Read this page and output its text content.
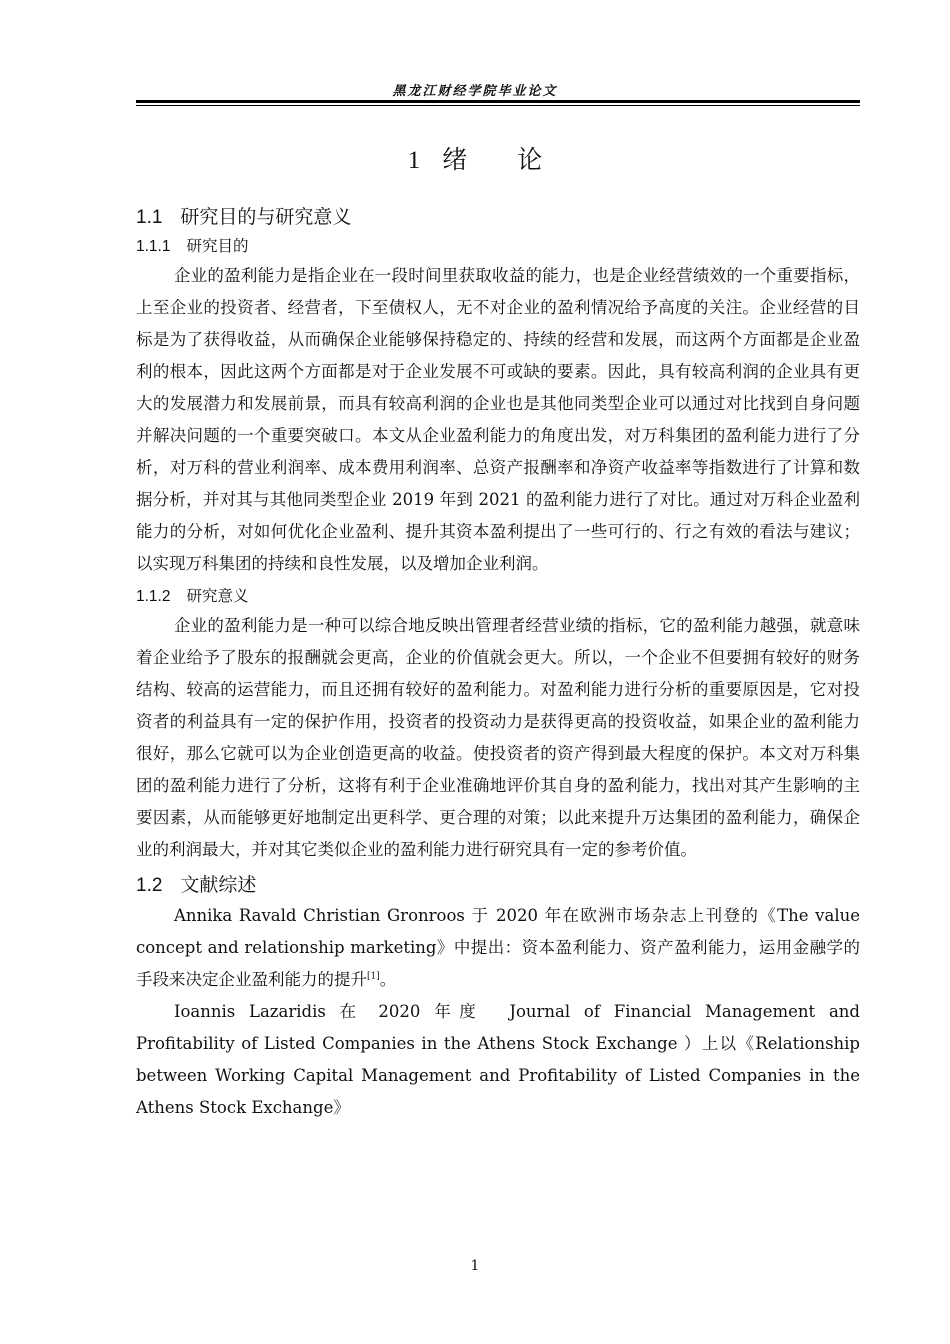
黑龙江财经学院毕业论文
1 绪　　论
1.1 研究目的与研究意义
1.1.1 研究目的

企业的盈利能力是指企业在一段时间里获取收益的能力，也是企业经营绩效的一个重要指标，上至企业的投资者、经营者，下至债权人，无不对企业的盈利情况给予高度的关注。企业经营的目标是为了获得收益，从而确保企业能够保持稳定的、持续的经营和发展，而这两个方面都是企业盈利的根本，因此这两个方面都是对于企业发展不可或缺的要素。因此，具有较高利润的企业具有更大的发展潜力和发展前景，而具有较高利润的企业也是其他同类型企业可以通过对比找到自身问题并解决问题的一个重要突破口。本文从企业盈利能力的角度出发，对万科集团的盈利能力进行了分析，对万科的营业利润率、成本费用利润率、总资产报酬率和净资产收益率等指数进行了计算和数据分析，并对其与其他同类型企业 2019 年到 2021 的盈利能力进行了对比。通过对万科企业盈利能力的分析，对如何优化企业盈利、提升其资本盈利提出了一些可行的、行之有效的看法与建议；以实现万科集团的持续和良性发展，以及增加企业利润。

1.1.2 研究意义

企业的盈利能力是一种可以综合地反映出管理者经营业绩的指标，它的盈利能力越强，就意味着企业给予了股东的报酬就会更高，企业的价值就会更大。所以，一个企业不但要拥有较好的财务结构、较高的运营能力，而且还拥有较好的盈利能力。对盈利能力进行分析的重要原因是，它对投资者的利益具有一定的保护作用，投资者的投资动力是获得更高的投资收益，如果企业的盈利能力很好，那么它就可以为企业创造更高的收益。使投资者的资产得到最大程度的保护。本文对万科集团的盈利能力进行了分析，这将有利于企业准确地评价其自身的盈利能力，找出对其产生影响的主要因素，从而能够更好地制定出更科学、更合理的对策；以此来提升万达集团的盈利能力，确保企业的利润最大，并对其它类似企业的盈利能力进行研究具有一定的参考价值。

1.2 文献综述

Annika Ravald Christian Gronroos 于 2020 年在欧洲市场杂志上刊登的《The value concept and relationship marketing》中提出：资本盈利能力、资产盈利能力，运用金融学的手段来决定企业盈利能力的提升[1]。

Ioannis Lazaridis 在 2020 年度　Journal of Financial Management and Profitability of Listed Companies in the Athens Stock Exchange ）上以《Relationship between Working Capital Management and Profitability of Listed Companies in the Athens Stock Exchange》

1
